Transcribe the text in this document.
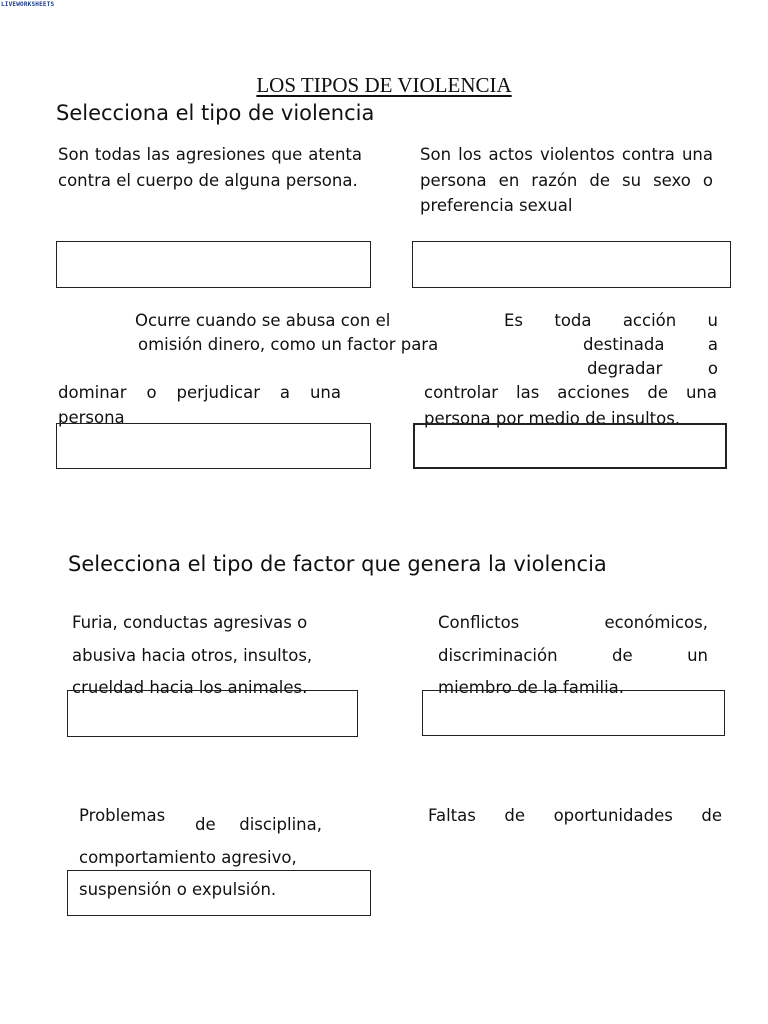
LIVEWORKSHEETS
LOS TIPOS DE VIOLENCIA
Selecciona el tipo de violencia
Son todas las agresiones que atenta contra el cuerpo de alguna persona.
Son los actos violentos contra una persona en razón de su sexo o preferencia sexual
Ocurre cuando se abusa con el
omisión dinero, como un factor para
dominar o perjudicar a una
persona
Es toda acción u
destinada a
degradar o
controlar las acciones de una
persona por medio de insultos.
Selecciona el tipo de factor que genera la violencia
Furia, conductas agresivas o
abusiva hacia otros, insultos,
crueldad hacia los animales.
Conflictos económicos,
discriminación de un
miembro de la familia.
Problemas de disciplina,
comportamiento agresivo,
suspensión o expulsión.
Faltas de oportunidades de
